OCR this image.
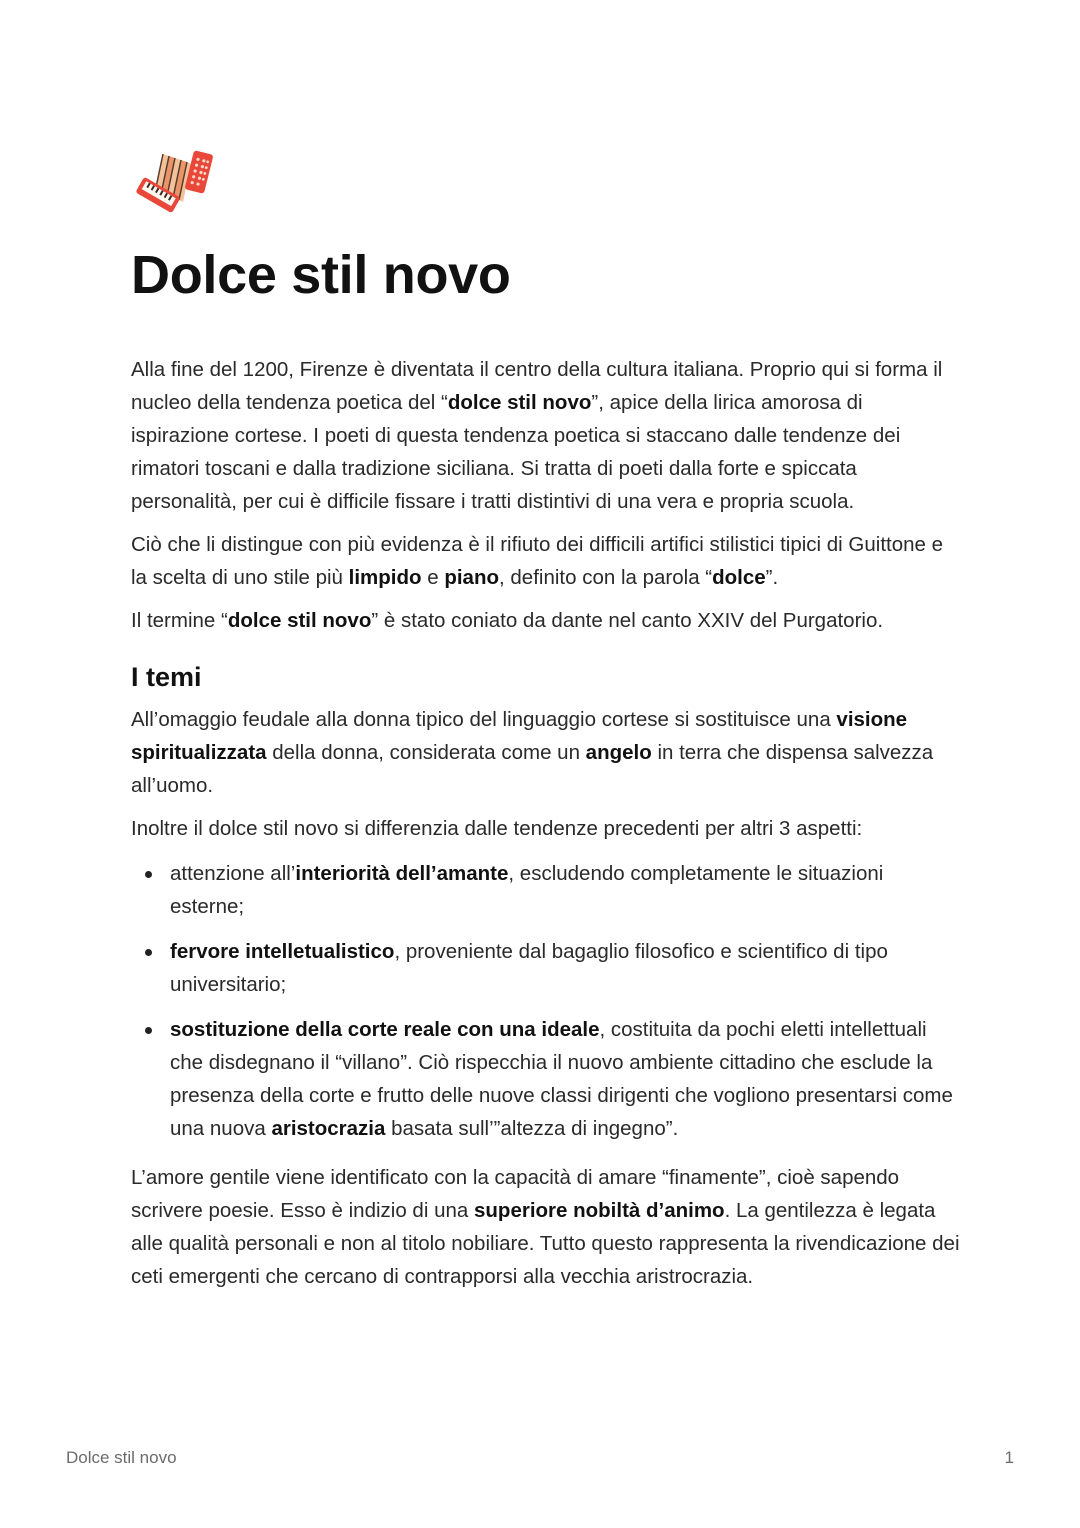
Dolce stil novo

Alla fine del 1200, Firenze è diventata il centro della cultura italiana. Proprio qui si forma il nucleo della tendenza poetica del “dolce stil novo”, apice della lirica amorosa di ispirazione cortese. I poeti di questa tendenza poetica si staccano dalle tendenze dei rimatori toscani e dalla tradizione siciliana. Si tratta di poeti dalla forte e spiccata personalità, per cui è difficile fissare i tratti distintivi di una vera e propria scuola.

Ciò che li distingue con più evidenza è il rifiuto dei difficili artifici stilistici tipici di Guittone e la scelta di uno stile più limpido e piano, definito con la parola “dolce”.

Il termine “dolce stil novo” è stato coniato da dante nel canto XXIV del Purgatorio.

I temi

All’omaggio feudale alla donna tipico del linguaggio cortese si sostituisce una visione spiritualizzata della donna, considerata come un angelo in terra che dispensa salvezza all’uomo.

Inoltre il dolce stil novo si differenzia dalle tendenze precedenti per altri 3 aspetti:

attenzione all’interiorità dell’amante, escludendo completamente le situazioni esterne;
fervore intelletualistico, proveniente dal bagaglio filosofico e scientifico di tipo universitario;
sostituzione della corte reale con una ideale, costituita da pochi eletti intellettuali che disdegnano il “villano”. Ciò rispecchia il nuovo ambiente cittadino che esclude la presenza della corte e frutto delle nuove classi dirigenti che vogliono presentarsi come una nuova aristocrazia basata sull’”altezza di ingegno”.

L’amore gentile viene identificato con la capacità di amare “finamente”, cioè sapendo scrivere poesie. Esso è indizio di una superiore nobiltà d’animo. La gentilezza è legata alle qualità personali e non al titolo nobiliare. Tutto questo rappresenta la rivendicazione dei ceti emergenti che cercano di contrapporsi alla vecchia aristrocrazia.

Dolce stil novo	1
